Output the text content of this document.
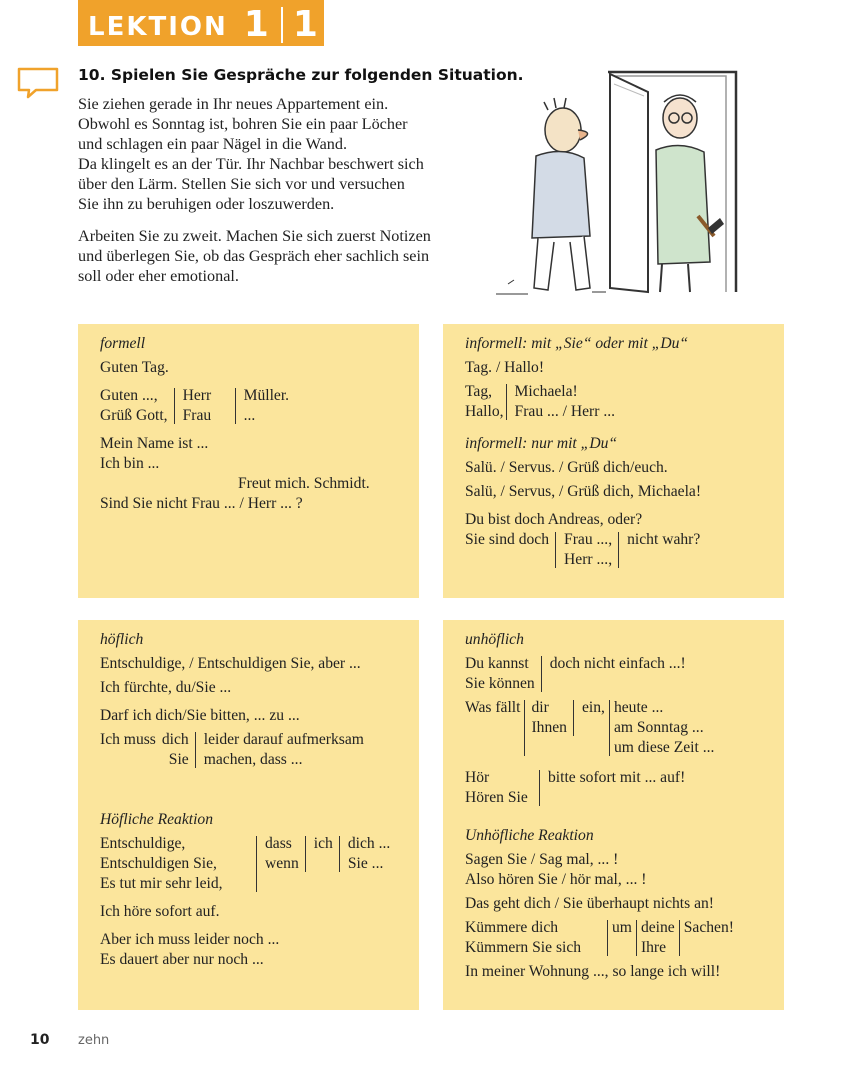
LEKTION 1 1
10. Spielen Sie Gespräche zur folgenden Situation.

Sie ziehen gerade in Ihr neues Appartement ein.
Obwohl es Sonntag ist, bohren Sie ein paar Löcher
und schlagen ein paar Nägel in die Wand.
Da klingelt es an der Tür. Ihr Nachbar beschwert sich
über den Lärm. Stellen Sie sich vor und versuchen
Sie ihn zu beruhigen oder loszuwerden.

Arbeiten Sie zu zweit. Machen Sie sich zuerst Notizen
und überlegen Sie, ob das Gespräch eher sachlich sein
soll oder eher emotional.

formell
Guten Tag.
Guten ...,
Grüß Gott,
Herr
Frau
Müller.
...
Mein Name ist ...
Ich bin ...
Freut mich. Schmidt.
Sind Sie nicht Frau ... / Herr ... ?
informell: mit „Sie“ oder mit „Du“
Tag. / Hallo!
Tag,
Hallo,
Michaela!
Frau ... / Herr ...
informell: nur mit „Du“
Salü. / Servus. / Grüß dich/euch.
Salü, / Servus, / Grüß dich, Michaela!
Du bist doch Andreas, oder?
Sie sind doch Frau ...,
Herr ...,
nicht wahr?
höflich
Entschuldige, / Entschuldigen Sie, aber ...
Ich fürchte, du/Sie ...
Darf ich dich/Sie bitten, ... zu ...
Ich muss dich
Sie
leider darauf aufmerksam
machen, dass ...
Höfliche Reaktion
Entschuldige,
Entschuldigen Sie,
Es tut mir sehr leid,
dass
wenn
ich dich ...
Sie ...
Ich höre sofort auf.
Aber ich muss leider noch ...
Es dauert aber nur noch ...
unhöflich
Du kannst
Sie können
doch nicht einfach ...!
Was fällt dir
Ihnen
ein, heute ...
am Sonntag ...
um diese Zeit ...
Hör
Hören Sie
bitte sofort mit ... auf!
Unhöfliche Reaktion
Sagen Sie / Sag mal, ... !
Also hören Sie / hör mal, ... !
Das geht dich / Sie überhaupt nichts an!
Kümmere dich
Kümmern Sie sich
um deine
Ihre
Sachen!
In meiner Wohnung ..., so lange ich will!
10 zehn
